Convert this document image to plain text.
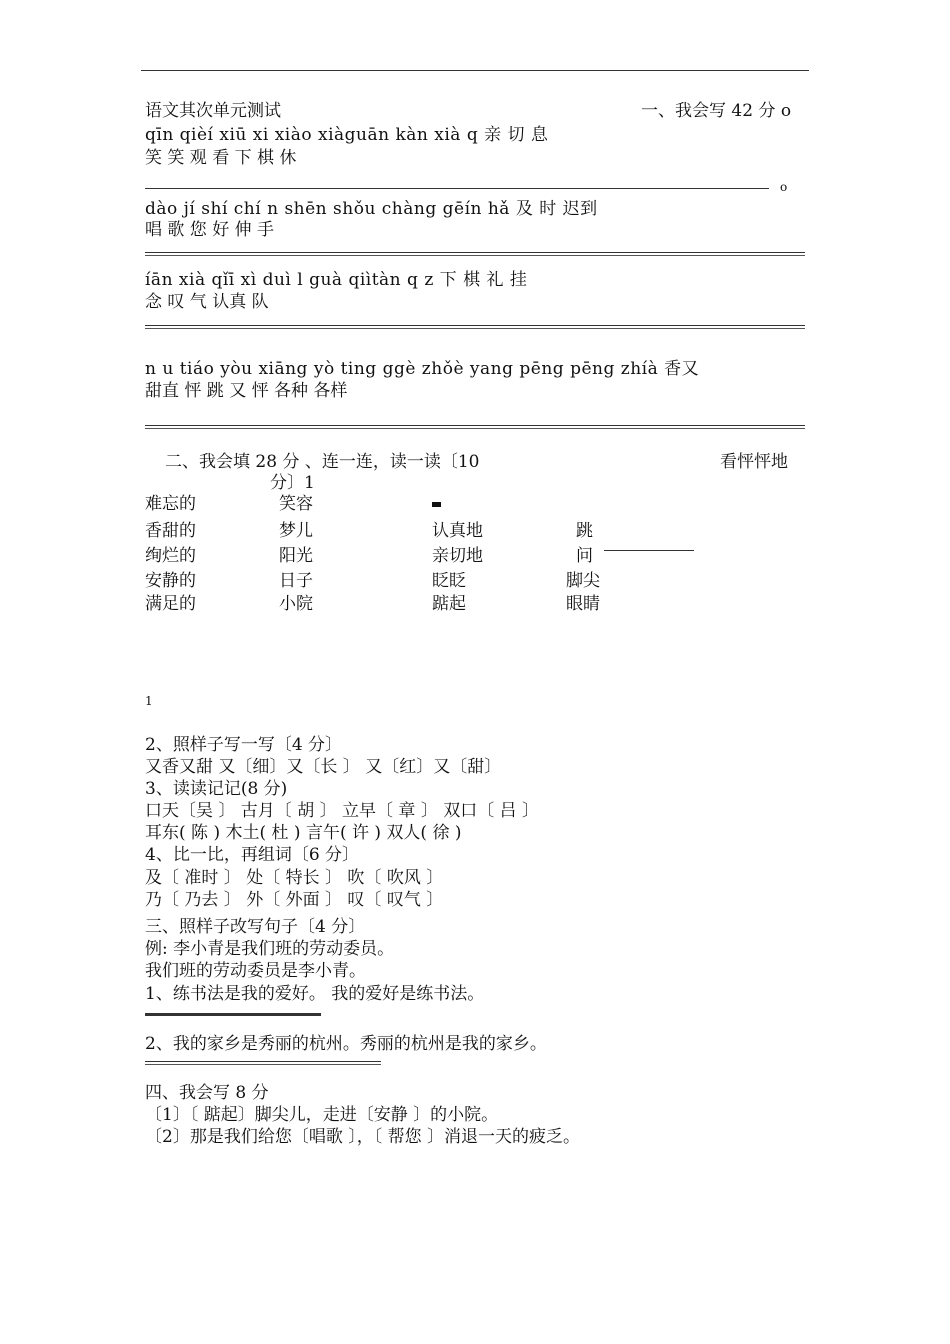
语文其次单元测试	一、我会写 42 分 o
qīn qièí xiū xi xiào xiàguān kàn xià q 亲 切 息
笑 笑 观 看 下 棋 休
o
dào jí shí chí n shēn shǒu chàng gēín hǎ 及 时 迟到
唱 歌 您 好 伸 手
íān xià qǐī xì duì l guà qiìtàn q z 下 棋 礼 挂
念 叹 气 认真 队
n u tiáo yòu xiāng yò ting ggè zhǒè yang pēng pēng zhíà 香又
甜直 怦 跳 又 怦 各种 各样
二、我会填 28 分 、连一连，读一读〔10
分〕1
看怦怦地
难忘的
香甜的
绚烂的
安静的
满足的
笑容
梦儿
阳光
日子
小院
认真地
亲切地
眨眨
踮起
跳
问
脚尖
眼睛
1
2、照样子写一写〔4 分〕
又香又甜 又〔细〕又〔长 〕 又〔红〕又〔甜〕
3、读读记记(8 分)
口天〔吴 〕 古月〔 胡 〕 立早〔 章 〕 双口〔 吕 〕
耳东( 陈 ) 木土( 杜 ) 言午( 许 ) 双人( 徐 )
4、比一比，再组词〔6 分〕
及〔 准时 〕 处〔 特长 〕 吹〔 吹风 〕
乃〔 乃去 〕 外〔 外面 〕 叹〔 叹气 〕
三、照样子改写句子〔4 分〕
例: 李小青是我们班的劳动委员。
我们班的劳动委员是李小青。
1、练书法是我的爱好。 我的爱好是练书法。
2、我的家乡是秀丽的杭州。秀丽的杭州是我的家乡。
四、我会写 8 分
〔1〕〔 踮起〕脚尖儿，走进〔安静 〕的小院。
〔2〕那是我们给您〔唱歌 〕，〔 帮您 〕消退一天的疲乏。
